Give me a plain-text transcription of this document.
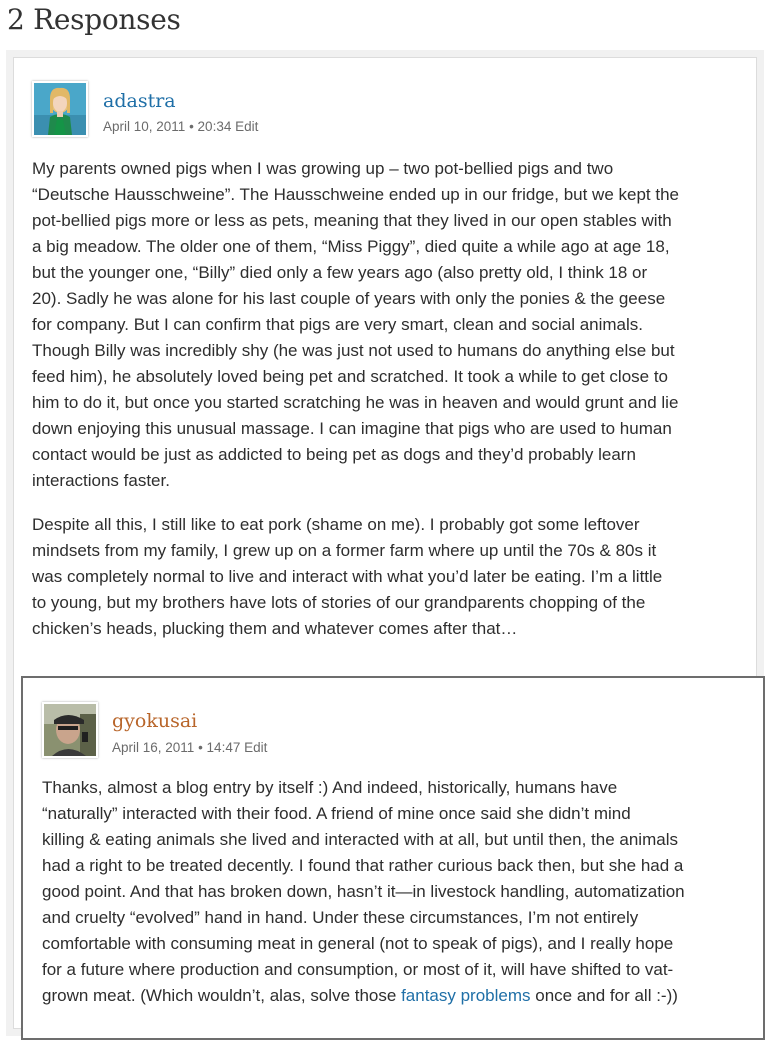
2 Responses
adastra
April 10, 2011 • 20:34 Edit

My parents owned pigs when I was growing up – two pot-bellied pigs and two
“Deutsche Hausschweine”. The Hausschweine ended up in our fridge, but we kept the
pot-bellied pigs more or less as pets, meaning that they lived in our open stables with
a big meadow. The older one of them, “Miss Piggy”, died quite a while ago at age 18,
but the younger one, “Billy” died only a few years ago (also pretty old, I think 18 or
20). Sadly he was alone for his last couple of years with only the ponies & the geese
for company. But I can confirm that pigs are very smart, clean and social animals.
Though Billy was incredibly shy (he was just not used to humans do anything else but
feed him), he absolutely loved being pet and scratched. It took a while to get close to
him to do it, but once you started scratching he was in heaven and would grunt and lie
down enjoying this unusual massage. I can imagine that pigs who are used to human
contact would be just as addicted to being pet as dogs and they’d probably learn
interactions faster.

Despite all this, I still like to eat pork (shame on me). I probably got some leftover
mindsets from my family, I grew up on a former farm where up until the 70s & 80s it
was completely normal to live and interact with what you’d later be eating. I’m a little
to young, but my brothers have lots of stories of our grandparents chopping of the
chicken’s heads, plucking them and whatever comes after that…

gyokusai
April 16, 2011 • 14:47 Edit

Thanks, almost a blog entry by itself :) And indeed, historically, humans have
“naturally” interacted with their food. A friend of mine once said she didn’t mind
killing & eating animals she lived and interacted with at all, but until then, the animals
had a right to be treated decently. I found that rather curious back then, but she had a
good point. And that has broken down, hasn’t it—in livestock handling, automatization
and cruelty “evolved” hand in hand. Under these circumstances, I’m not entirely
comfortable with consuming meat in general (not to speak of pigs), and I really hope
for a future where production and consumption, or most of it, will have shifted to vat-
grown meat. (Which wouldn’t, alas, solve those fantasy problems once and for all :-))
